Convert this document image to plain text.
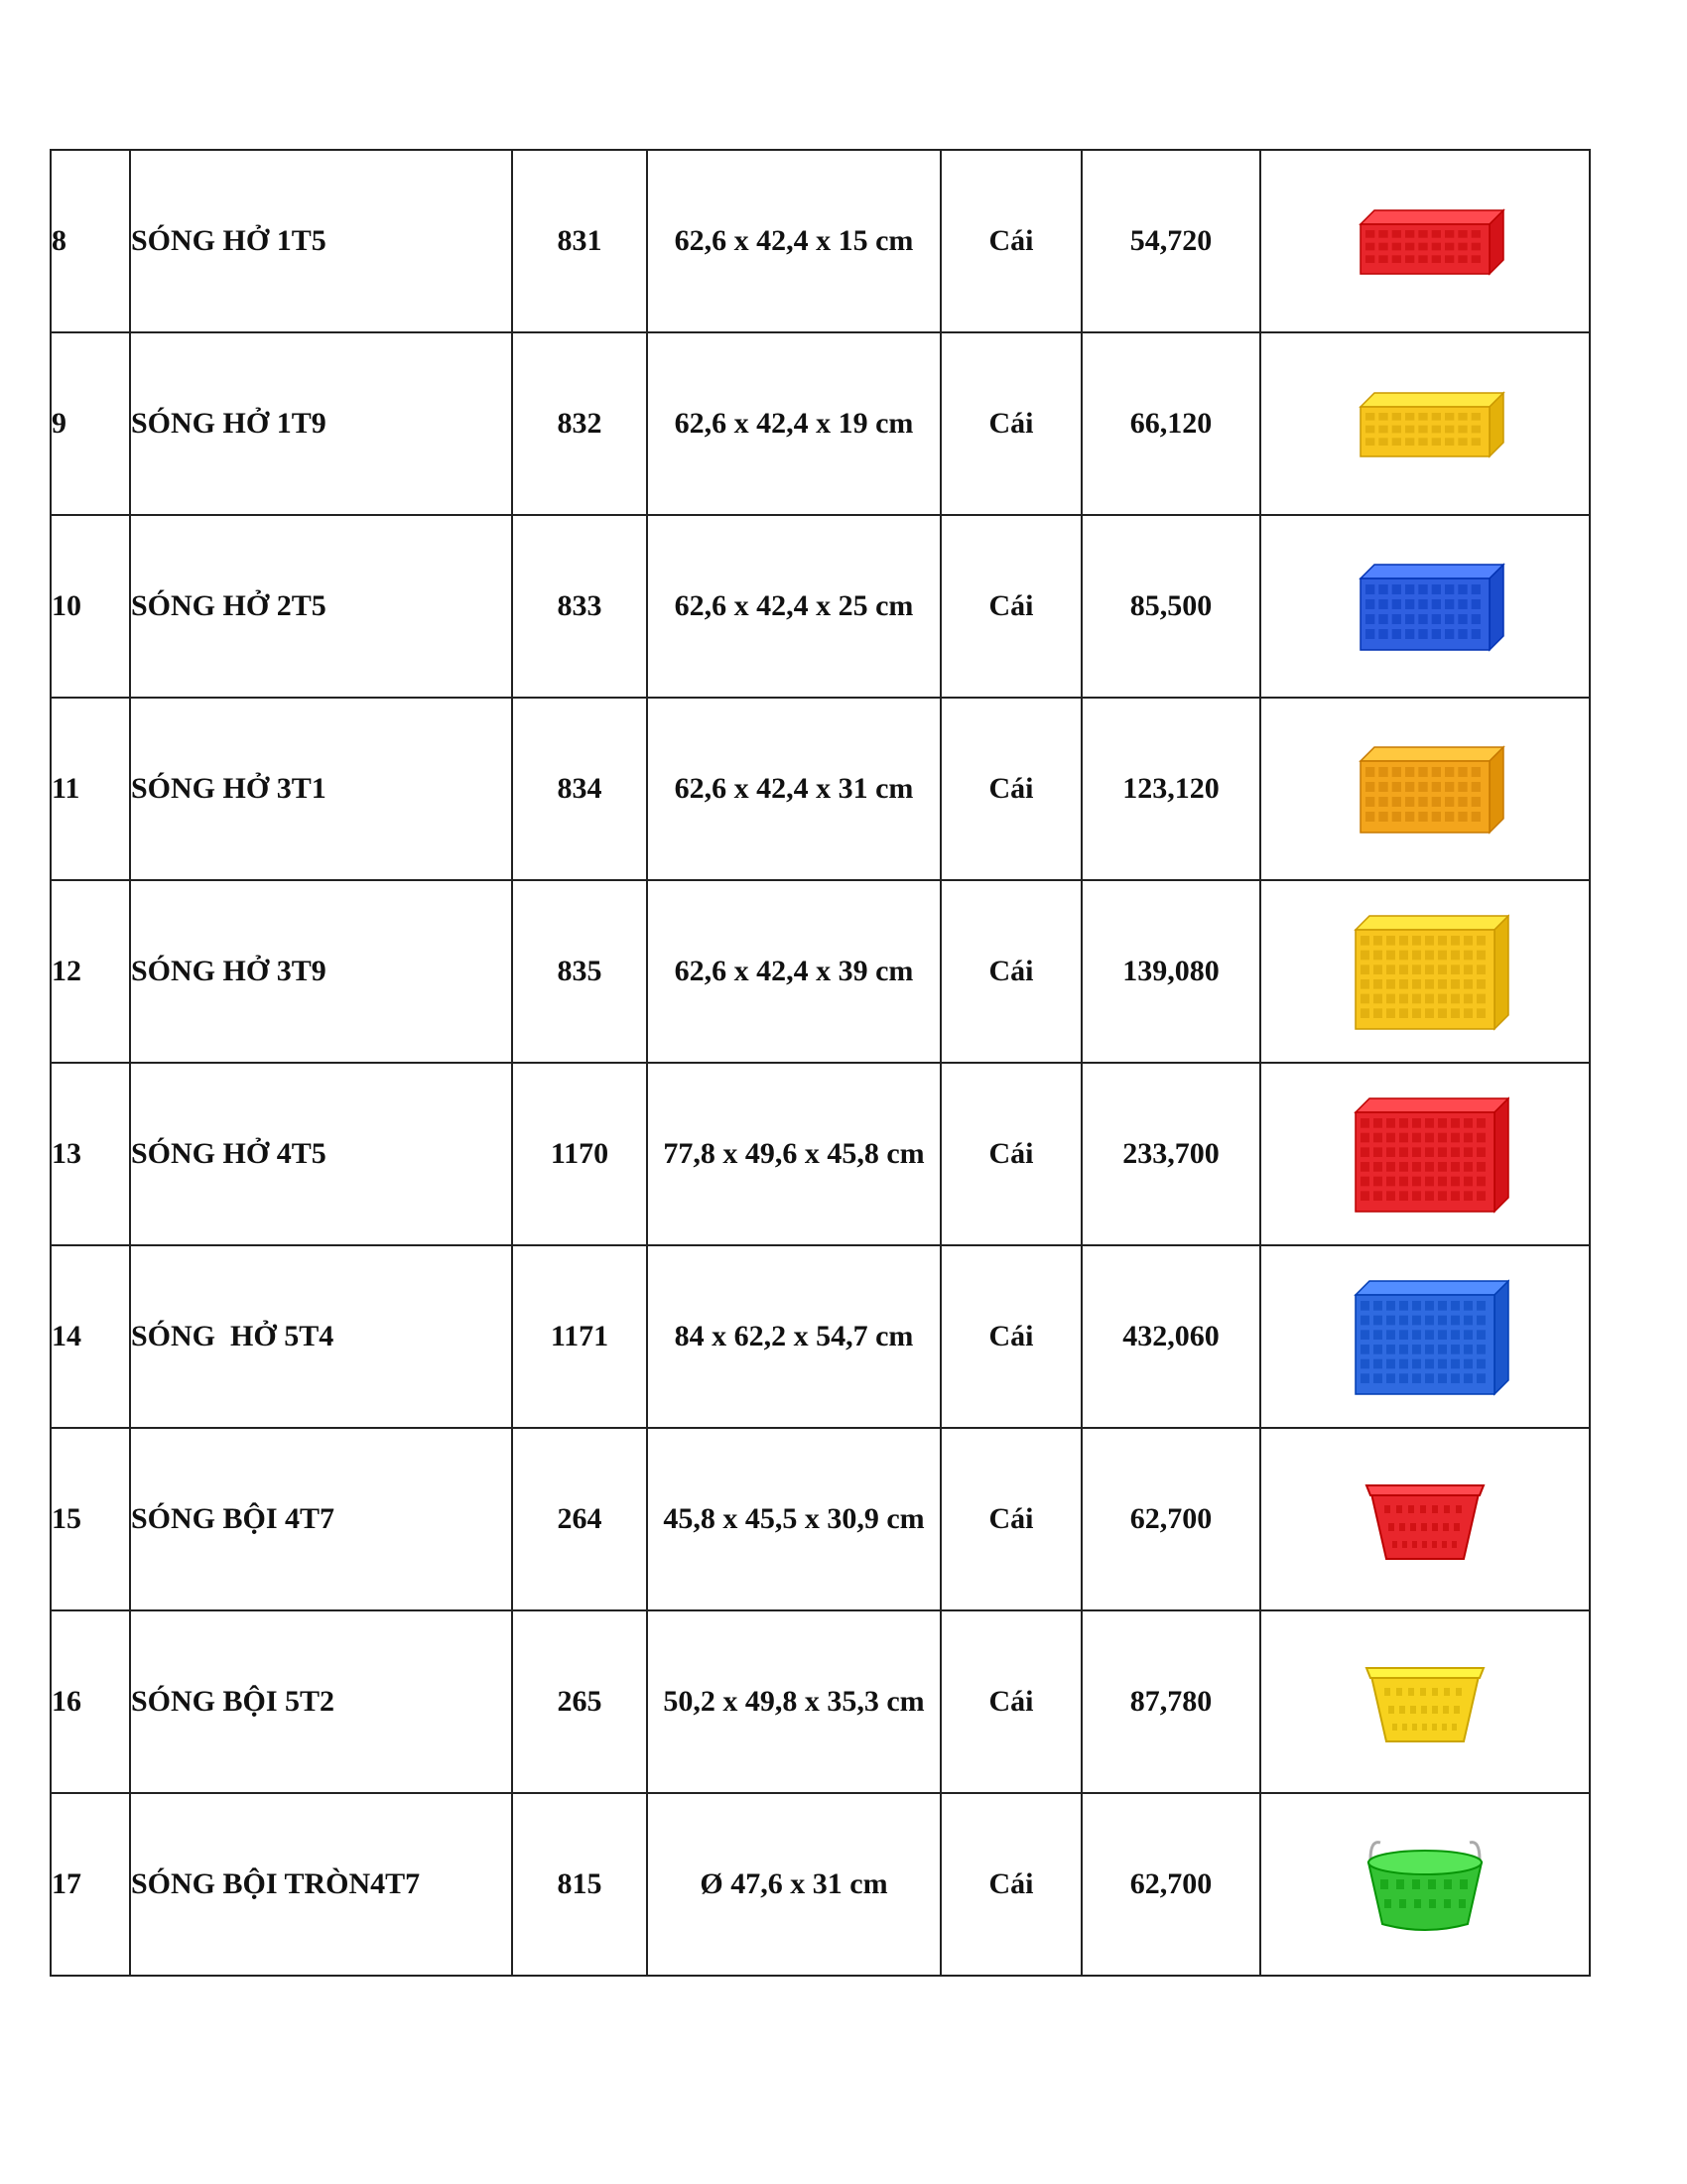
8	SÓNG HỞ 1T5	831	62,6 x 42,4 x 15 cm	Cái	54,720	

9	SÓNG HỞ 1T9	832	62,6 x 42,4 x 19 cm	Cái	66,120	

10	SÓNG HỞ 2T5	833	62,6 x 42,4 x 25 cm	Cái	85,500	

11	SÓNG HỞ 3T1	834	62,6 x 42,4 x 31 cm	Cái	123,120	

12	SÓNG HỞ 3T9	835	62,6 x 42,4 x 39 cm	Cái	139,080	

13	SÓNG HỞ 4T5	1170	77,8 x 49,6 x 45,8 cm	Cái	233,700	

14	SÓNG  HỞ 5T4	1171	84 x 62,2 x 54,7 cm	Cái	432,060	

15	SÓNG BỘI 4T7	264	45,8 x 45,5 x 30,9 cm	Cái	62,700	

16	SÓNG BỘI 5T2	265	50,2 x 49,8 x 35,3 cm	Cái	87,780	

17	SÓNG BỘI TRÒN4T7	815	Ø 47,6 x 31 cm	Cái	62,700	
